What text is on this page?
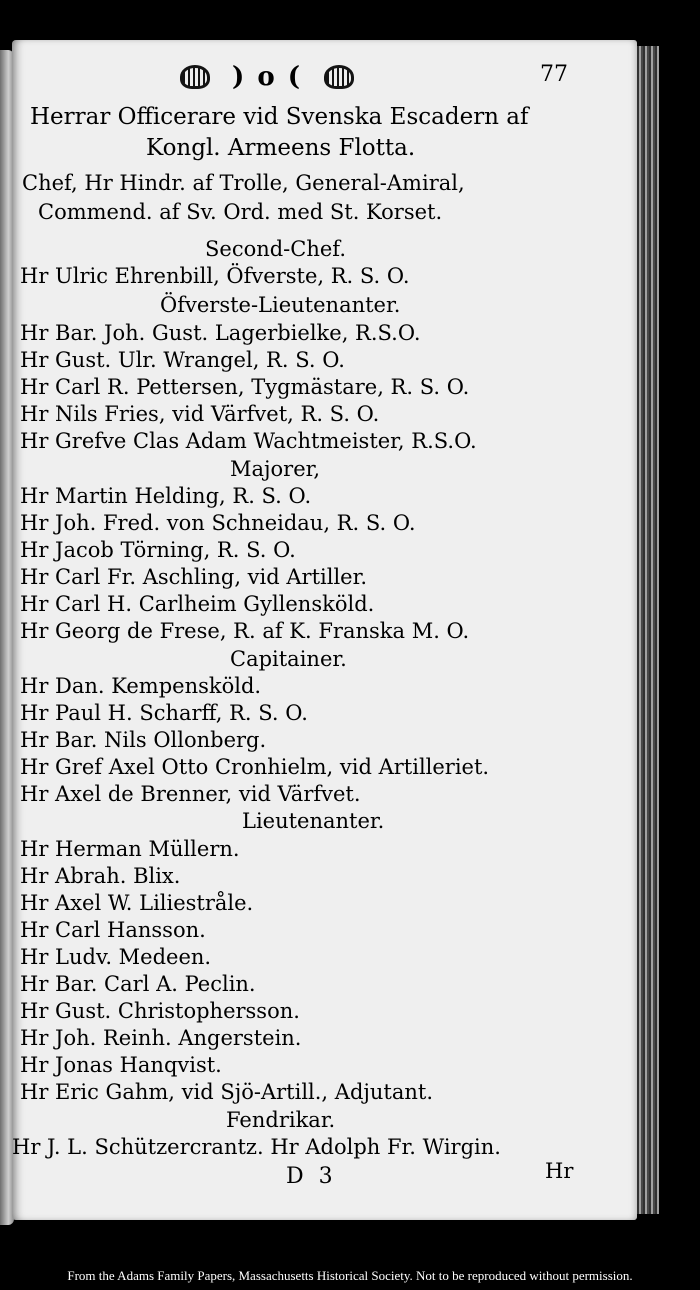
) o (	77
Herrar Officerare vid Svenska Escadern af
Kongl. Armeens Flotta.
Chef, Hr Hindr. af Trolle, General-Amiral,
Commend. af Sv. Ord. med St. Korset.
Second-Chef.
Hr Ulric Ehrenbill, Öfverste, R. S. O.
Öfverste-Lieutenanter.
Hr Bar. Joh. Gust. Lagerbielke, R.S.O.
Hr Gust. Ulr. Wrangel, R. S. O.
Hr Carl R. Pettersen, Tygmästare, R. S. O.
Hr Nils Fries, vid Värfvet, R. S. O.
Hr Grefve Clas Adam Wachtmeister, R.S.O.
Majorer,
Hr Martin Helding, R. S. O.
Hr Joh. Fred. von Schneidau, R. S. O.
Hr Jacob Törning, R. S. O.
Hr Carl Fr. Aschling, vid Artiller.
Hr Carl H. Carlheim Gyllensköld.
Hr Georg de Frese, R. af K. Franska M. O.
Capitainer.
Hr Dan. Kempensköld.
Hr Paul H. Scharff, R. S. O.
Hr Bar. Nils Ollonberg.
Hr Gref Axel Otto Cronhielm, vid Artilleriet.
Hr Axel de Brenner, vid Värfvet.
Lieutenanter.
Hr Herman Müllern.
Hr Abrah. Blix.
Hr Axel W. Liliestråle.
Hr Carl Hansson.
Hr Ludv. Medeen.
Hr Bar. Carl A. Peclin.
Hr Gust. Christophersson.
Hr Joh. Reinh. Angerstein.
Hr Jonas Hanqvist.
Hr Eric Gahm, vid Sjö-Artill., Adjutant.
Fendrikar.
Hr J. L. Schützercrantz. Hr Adolph Fr. Wirgin.
D 3	Hr
From the Adams Family Papers, Massachusetts Historical Society. Not to be reproduced without permission.
